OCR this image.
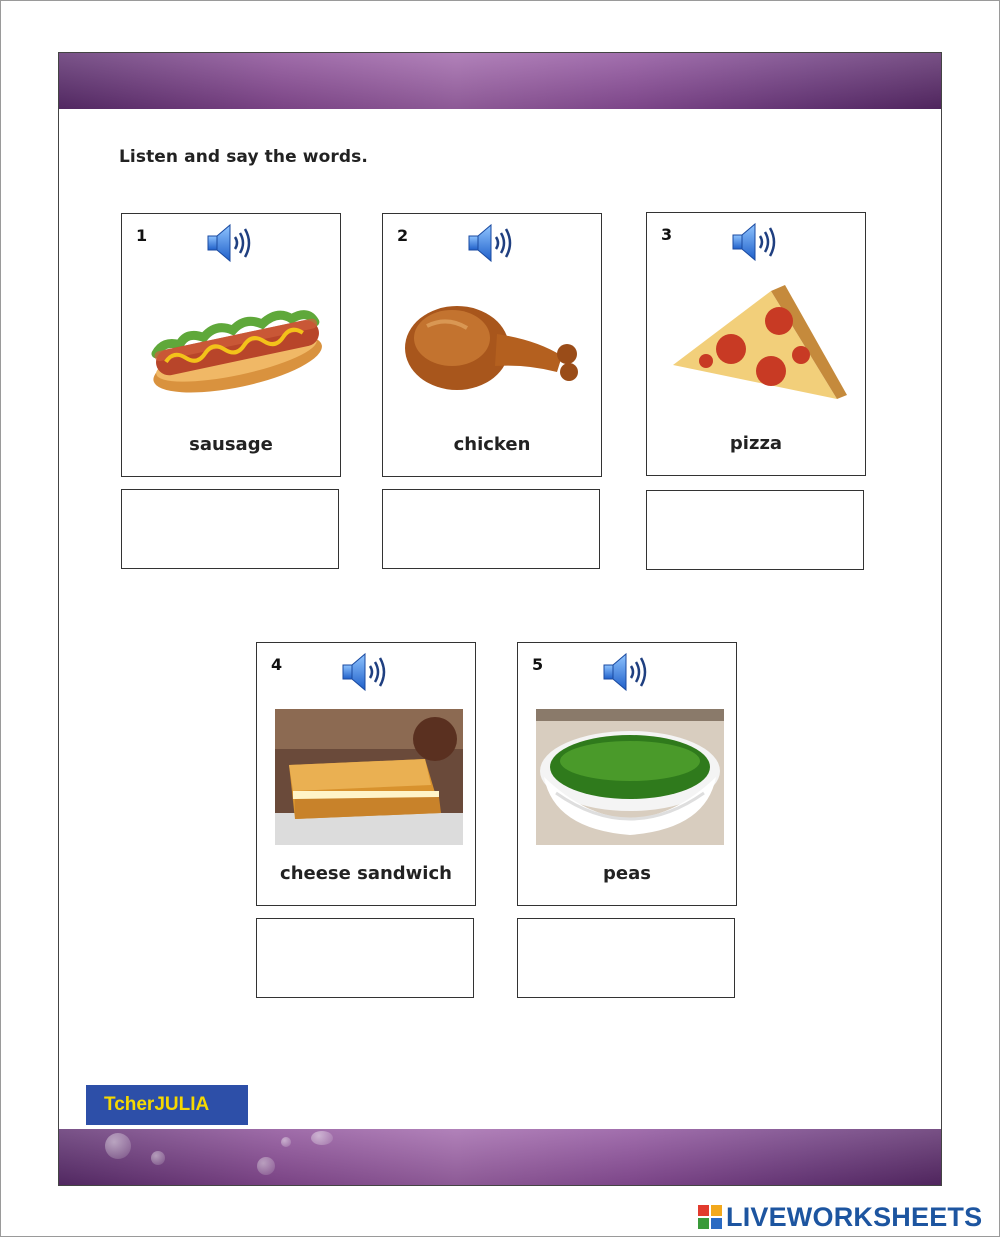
Listen and say the words.
1
sausage
2
chicken
3
pizza
4
cheese sandwich
5
peas
TcherJULIA
LIVEWORKSHEETS
